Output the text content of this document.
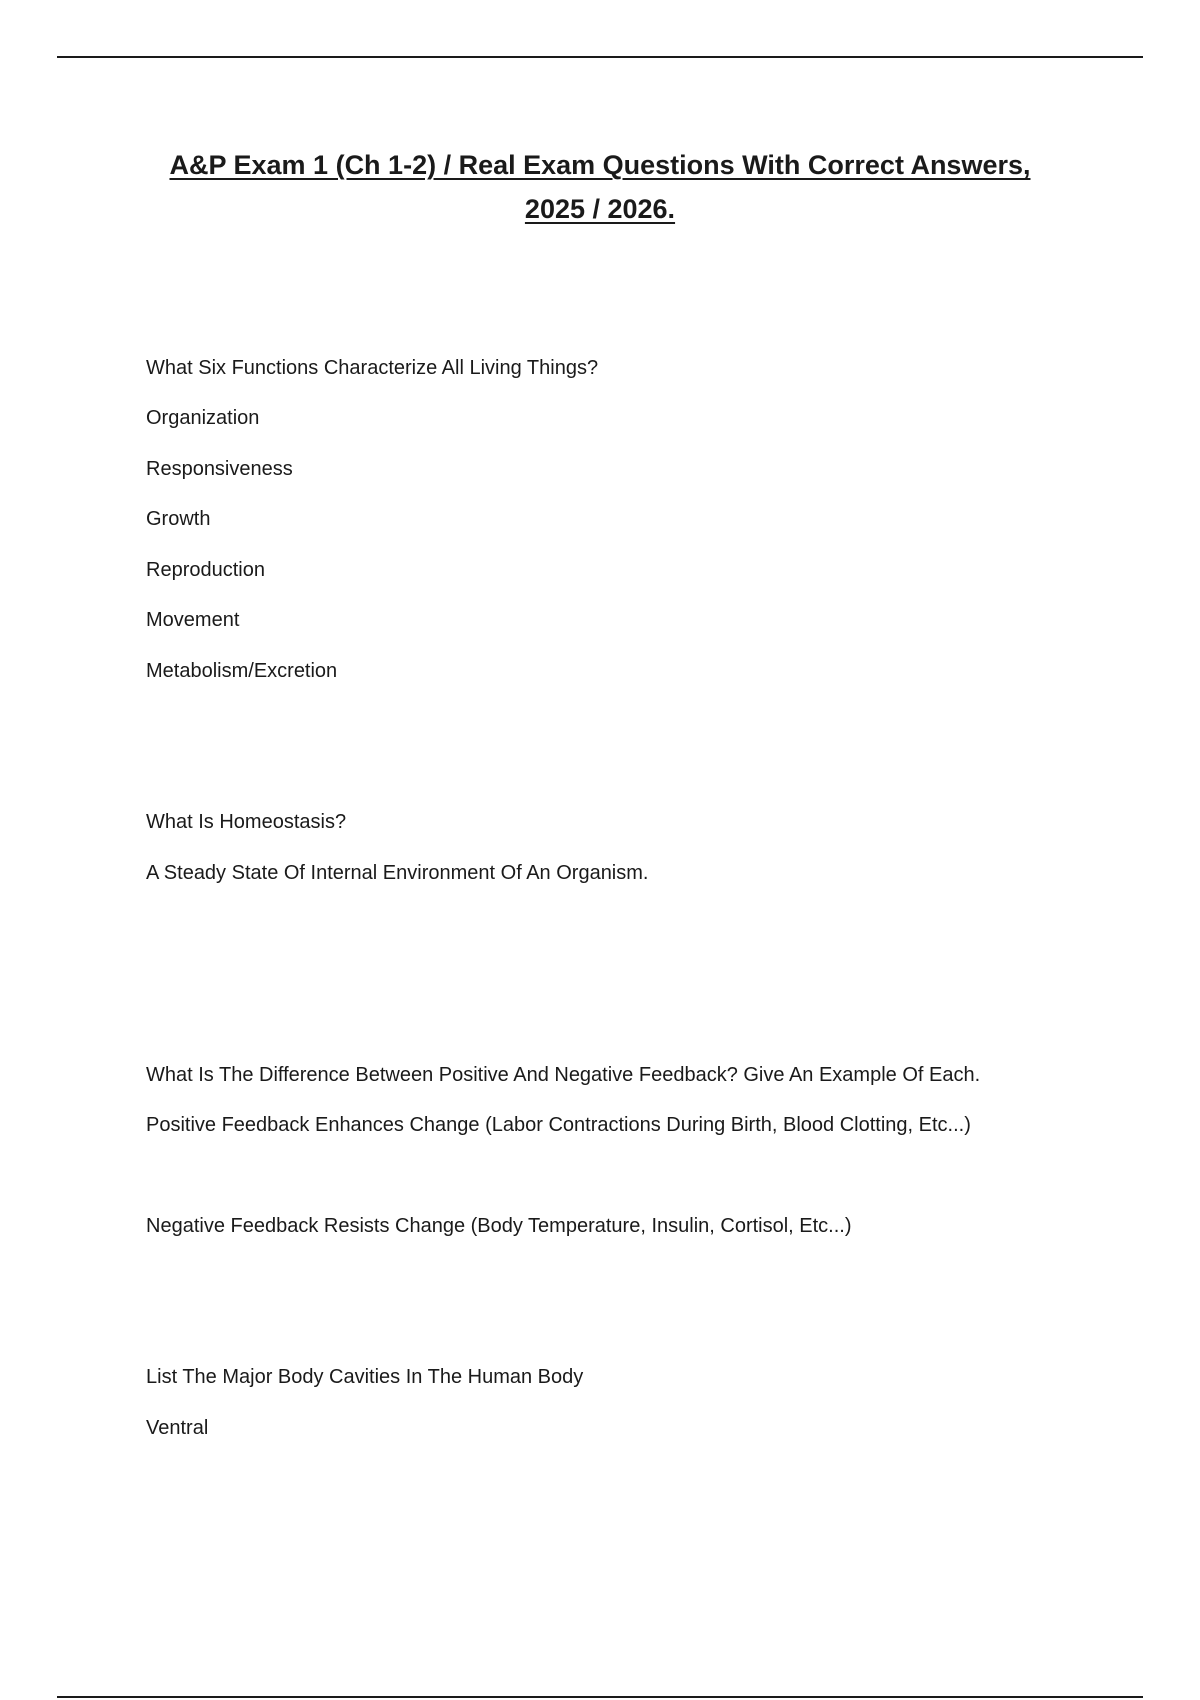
A&P Exam 1 (Ch 1-2) / Real Exam Questions With Correct Answers,
2025 / 2026.
What Six Functions Characterize All Living Things?
Organization
Responsiveness
Growth
Reproduction
Movement
Metabolism/Excretion
What Is Homeostasis?
A Steady State Of Internal Environment Of An Organism.
What Is The Difference Between Positive And Negative Feedback? Give An Example Of Each.
Positive Feedback Enhances Change (Labor Contractions During Birth, Blood Clotting, Etc...)
Negative Feedback Resists Change (Body Temperature, Insulin, Cortisol, Etc...)
List The Major Body Cavities In The Human Body
Ventral
